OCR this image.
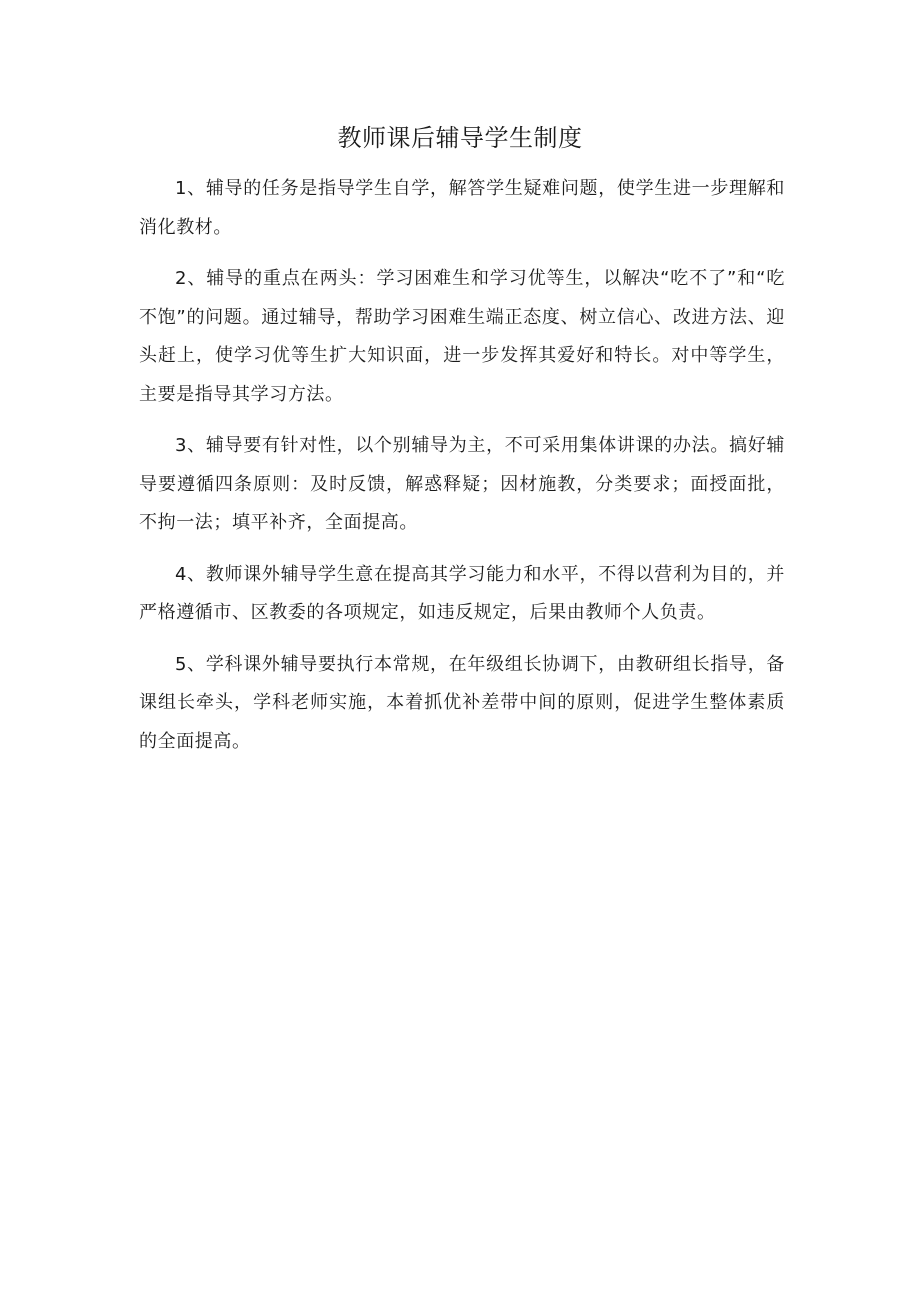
教师课后辅导学生制度

1、辅导的任务是指导学生自学，解答学生疑难问题，使学生进一步理解和消化教材。

2、辅导的重点在两头：学习困难生和学习优等生，以解决“吃不了”和“吃不饱”的问题。通过辅导，帮助学习困难生端正态度、树立信心、改进方法、迎头赶上，使学习优等生扩大知识面，进一步发挥其爱好和特长。对中等学生，主要是指导其学习方法。

3、辅导要有针对性，以个别辅导为主，不可采用集体讲课的办法。搞好辅导要遵循四条原则：及时反馈，解惑释疑；因材施教，分类要求；面授面批，不拘一法；填平补齐，全面提高。

4、教师课外辅导学生意在提高其学习能力和水平，不得以营利为目的，并严格遵循市、区教委的各项规定，如违反规定，后果由教师个人负责。

5、学科课外辅导要执行本常规，在年级组长协调下，由教研组长指导，备课组长牵头，学科老师实施，本着抓优补差带中间的原则，促进学生整体素质的全面提高。
